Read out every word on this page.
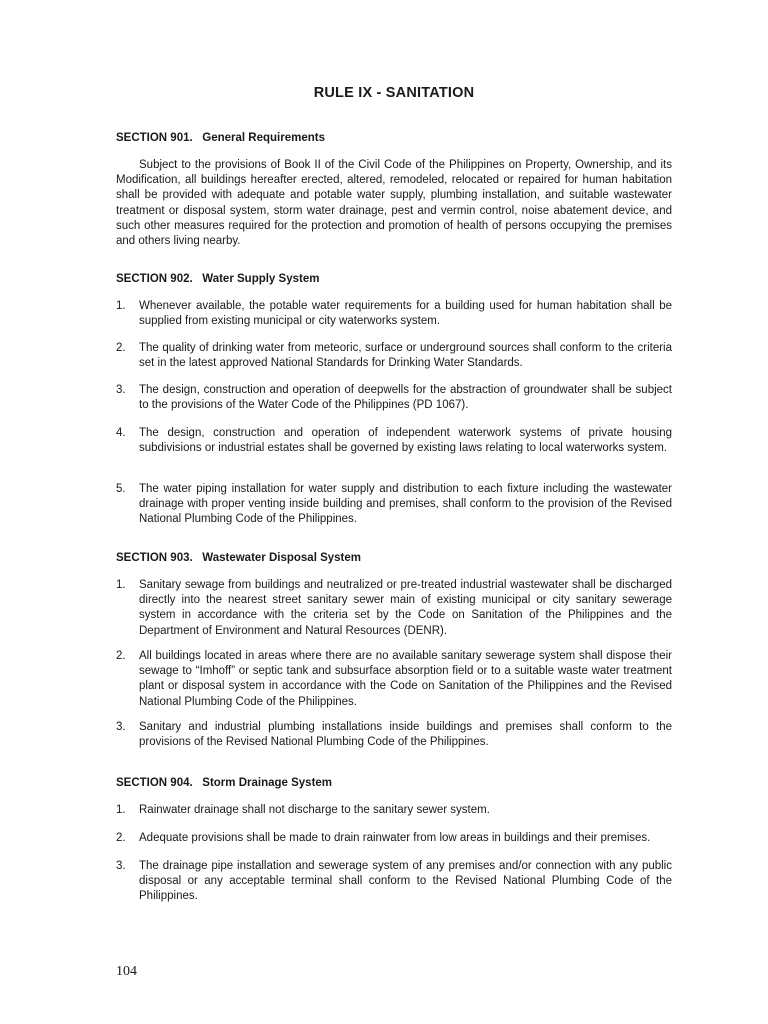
RULE IX - SANITATION
SECTION 901.   General Requirements
Subject to the provisions of Book II of the Civil Code of the Philippines on Property, Ownership, and its Modification, all buildings hereafter erected, altered, remodeled, relocated or repaired for human habitation shall be provided with adequate and potable water supply, plumbing installation, and suitable wastewater treatment or disposal system, storm water drainage, pest and vermin control, noise abatement device, and such other measures required for the protection and promotion of health of persons occupying the premises and others living nearby.
SECTION 902.   Water Supply System
1.	Whenever available, the potable water requirements for a building used for human habitation shall be supplied from existing municipal or city waterworks system.
2.	The quality of drinking water from meteoric, surface or underground sources shall conform to the criteria set in the latest approved National Standards for Drinking Water Standards.
3.	The design, construction and operation of deepwells for the abstraction of groundwater shall be subject to the provisions of the Water Code of the Philippines (PD 1067).
4.	The design, construction and operation of independent waterwork systems of private housing subdivisions or industrial estates shall be governed by existing laws relating to local waterworks system.
5.	The water piping installation for water supply and distribution to each fixture including the wastewater drainage with proper venting inside building and premises, shall conform to the provision of the Revised National Plumbing Code of the Philippines.
SECTION 903.   Wastewater Disposal System
1.	Sanitary sewage from buildings and neutralized or pre-treated industrial wastewater shall be discharged directly into the nearest street sanitary sewer main of existing municipal or city sanitary sewerage system in accordance with the criteria set by the Code on Sanitation of the Philippines and the Department of Environment and Natural Resources (DENR).
2.	All buildings located in areas where there are no available sanitary sewerage system shall dispose their sewage to “Imhoff” or septic tank and subsurface absorption field or to a suitable waste water treatment plant or disposal system in accordance with the Code on Sanitation of the Philippines and the Revised National Plumbing Code of the Philippines.
3.	Sanitary and industrial plumbing installations inside buildings and premises shall conform to the provisions of the Revised National Plumbing Code of the Philippines.
SECTION 904.   Storm Drainage System
1.	Rainwater drainage shall not discharge to the sanitary sewer system.
2.	Adequate provisions shall be made to drain rainwater from low areas in buildings and their premises.
3.	The drainage pipe installation and sewerage system of any premises and/or connection with any public disposal or any acceptable terminal shall conform to the Revised National Plumbing Code of the Philippines.
104
